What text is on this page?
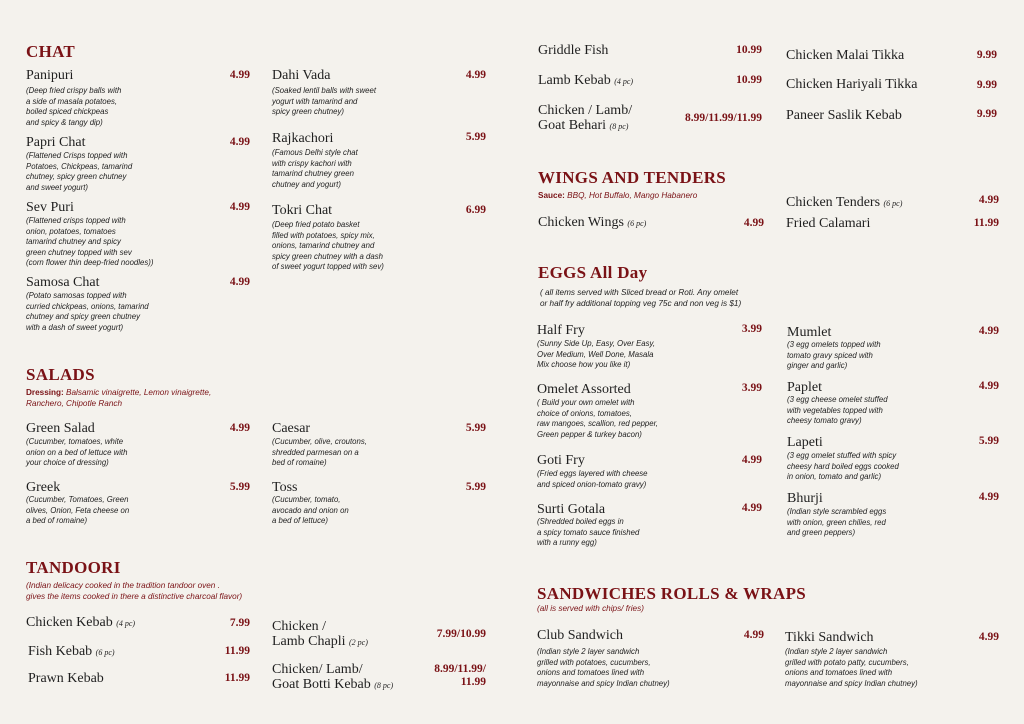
CHAT
Panipuri	4.99
(Deep fried crispy balls with
a side of masala potatoes,
boiled spiced chickpeas
and spicy & tangy dip)
Papri Chat	4.99
(Flattened Crisps topped with
Potatoes, Chickpeas, tamarind
chutney, spicy green chutney
and sweet yogurt)
Sev Puri	4.99
(Flattened crisps topped with
onion, potatoes, tomatoes
tamarind chutney and spicy
green chutney topped with sev
(corn flower thin deep-fried noodles))
Samosa Chat	4.99
(Potato samosas topped with
curried chickpeas, onions, tamarind
chutney and spicy green chutney
with a dash of sweet yogurt)
Dahi Vada	4.99
(Soaked lentil balls with sweet
yogurt with tamarind and
spicy green chutney)
Rajkachori	5.99
(Famous Delhi style chat
with crispy kachori with
tamarind chutney green
chutney and yogurt)
Tokri Chat	6.99
(Deep fried potato basket
filled with potatoes, spicy mix,
onions, tamarind chutney and
spicy green chutney with a dash
of sweet yogurt topped with sev)
SALADS
Dressing: Balsamic vinaigrette, Lemon vinaigrette,
Ranchero, Chipotle Ranch
Green Salad	4.99
(Cucumber, tomatoes, white
onion on a bed of lettuce with
your choice of dressing)
Greek	5.99
(Cucumber, Tomatoes, Green
olives, Onion, Feta cheese on
a bed of romaine)
Caesar	5.99
(Cucumber, olive, croutons,
shredded parmesan on a
bed of romaine)
Toss	5.99
(Cucumber, tomato,
avocado and onion on
a bed of lettuce)
TANDOORI
(Indian delicacy cooked in the tradition tandoor oven .
gives the items cooked in there a distinctive charcoal flavor)
Chicken Kebab (4 pc)	7.99
Fish Kebab (6 pc)	11.99
Prawn Kebab	11.99
Chicken /
Lamb Chapli (2 pc)
7.99/10.99
Chicken/ Lamb/
Goat Botti Kebab (8 pc)
8.99/11.99/
11.99
Griddle Fish	10.99
Lamb Kebab (4 pc)	10.99
Chicken / Lamb/
Goat Behari (8 pc)
8.99/11.99/11.99
Chicken Malai Tikka	9.99
Chicken Hariyali Tikka	9.99
Paneer Saslik Kebab	9.99
WINGS AND TENDERS
Sauce: BBQ, Hot Buffalo, Mango Habanero
Chicken Wings (6 pc)	4.99
Chicken Tenders (6 pc)	4.99
Fried Calamari	11.99
EGGS All Day
( all items served with Sliced bread or Roti. Any omelet
or half fry additional topping veg 75c and non veg is $1)
Half Fry	3.99
(Sunny Side Up, Easy, Over Easy,
Over Medium, Well Done, Masala
Mix choose how you like it)
Omelet Assorted	3.99
( Build your own omelet with
choice of onions, tomatoes,
raw mangoes, scallion, red pepper,
Green pepper & turkey bacon)
Goti Fry	4.99
(Fried eggs layered with cheese
and spiced onion-tomato gravy)
Surti Gotala	4.99
(Shredded boiled eggs in
a spicy tomato sauce finished
with a runny egg)
Mumlet	4.99
(3 egg omelets topped with
tomato gravy spiced with
ginger and garlic)
Paplet	4.99
(3 egg cheese omelet stuffed
with vegetables topped with
cheesy tomato gravy)
Lapeti	5.99
(3 egg omelet stuffed with spicy
cheesy hard boiled eggs cooked
in onion, tomato and garlic)
Bhurji	4.99
(Indian style scrambled eggs
with onion, green chilies, red
and green peppers)
SANDWICHES ROLLS & WRAPS
(all is served with chips/ fries)
Club Sandwich	4.99
(Indian style 2 layer sandwich
grilled with potatoes, cucumbers,
onions and tomatoes lined with
mayonnaise and spicy Indian chutney)
Tikki Sandwich	4.99
(Indian style 2 layer sandwich
grilled with potato patty, cucumbers,
onions and tomatoes lined with
mayonnaise and spicy Indian chutney)
